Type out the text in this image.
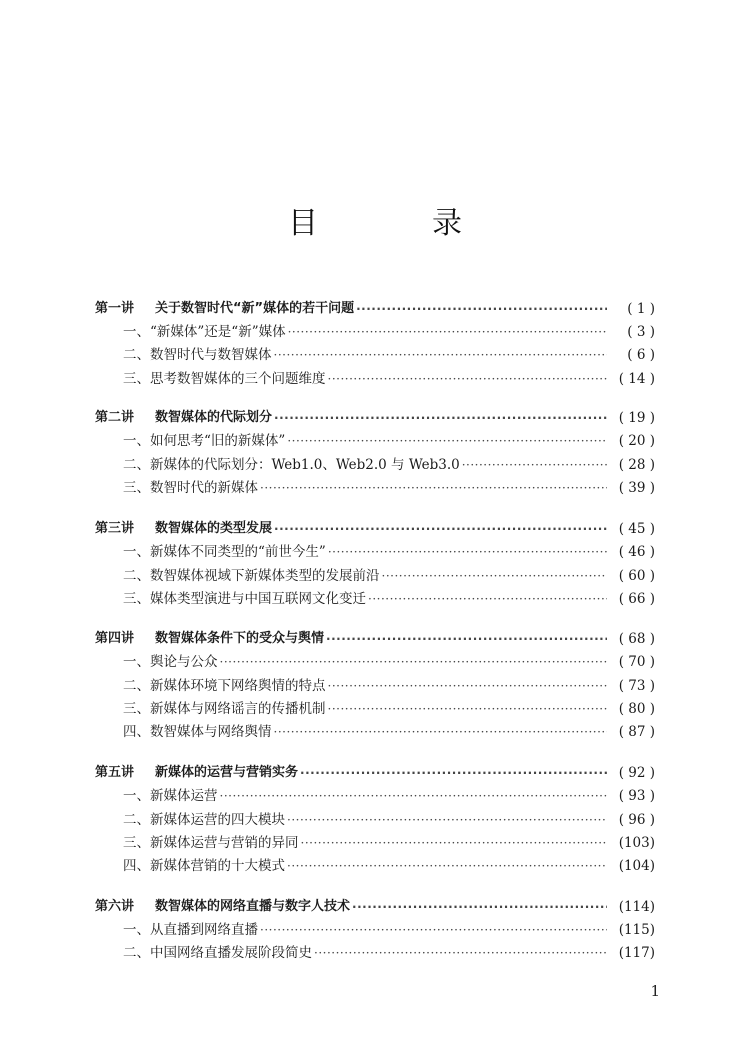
目　录
第一讲	关于数智时代“新”媒体的若干问题 ·····	( 1 )
一、“新媒体”还是“新”媒体 ·····	( 3 )
二、数智时代与数智媒体 ·····	( 6 )
三、思考数智媒体的三个问题维度 ·····	( 14 )
第二讲	数智媒体的代际划分 ·····	( 19 )
一、如何思考“旧的新媒体” ·····	( 20 )
二、新媒体的代际划分：Web1.0、Web2.0 与 Web3.0 ·····	( 28 )
三、数智时代的新媒体 ·····	( 39 )
第三讲	数智媒体的类型发展 ·····	( 45 )
一、新媒体不同类型的“前世今生” ·····	( 46 )
二、数智媒体视域下新媒体类型的发展前沿 ·····	( 60 )
三、媒体类型演进与中国互联网文化变迁 ·····	( 66 )
第四讲	数智媒体条件下的受众与舆情 ·····	( 68 )
一、舆论与公众 ·····	( 70 )
二、新媒体环境下网络舆情的特点 ·····	( 73 )
三、新媒体与网络谣言的传播机制 ·····	( 80 )
四、数智媒体与网络舆情 ·····	( 87 )
第五讲	新媒体的运营与营销实务 ·····	( 92 )
一、新媒体运营 ·····	( 93 )
二、新媒体运营的四大模块 ·····	( 96 )
三、新媒体运营与营销的异同 ·····	(103)
四、新媒体营销的十大模式 ·····	(104)
第六讲	数智媒体的网络直播与数字人技术 ·····	(114)
一、从直播到网络直播 ·····	(115)
二、中国网络直播发展阶段简史 ·····	(117)
1
